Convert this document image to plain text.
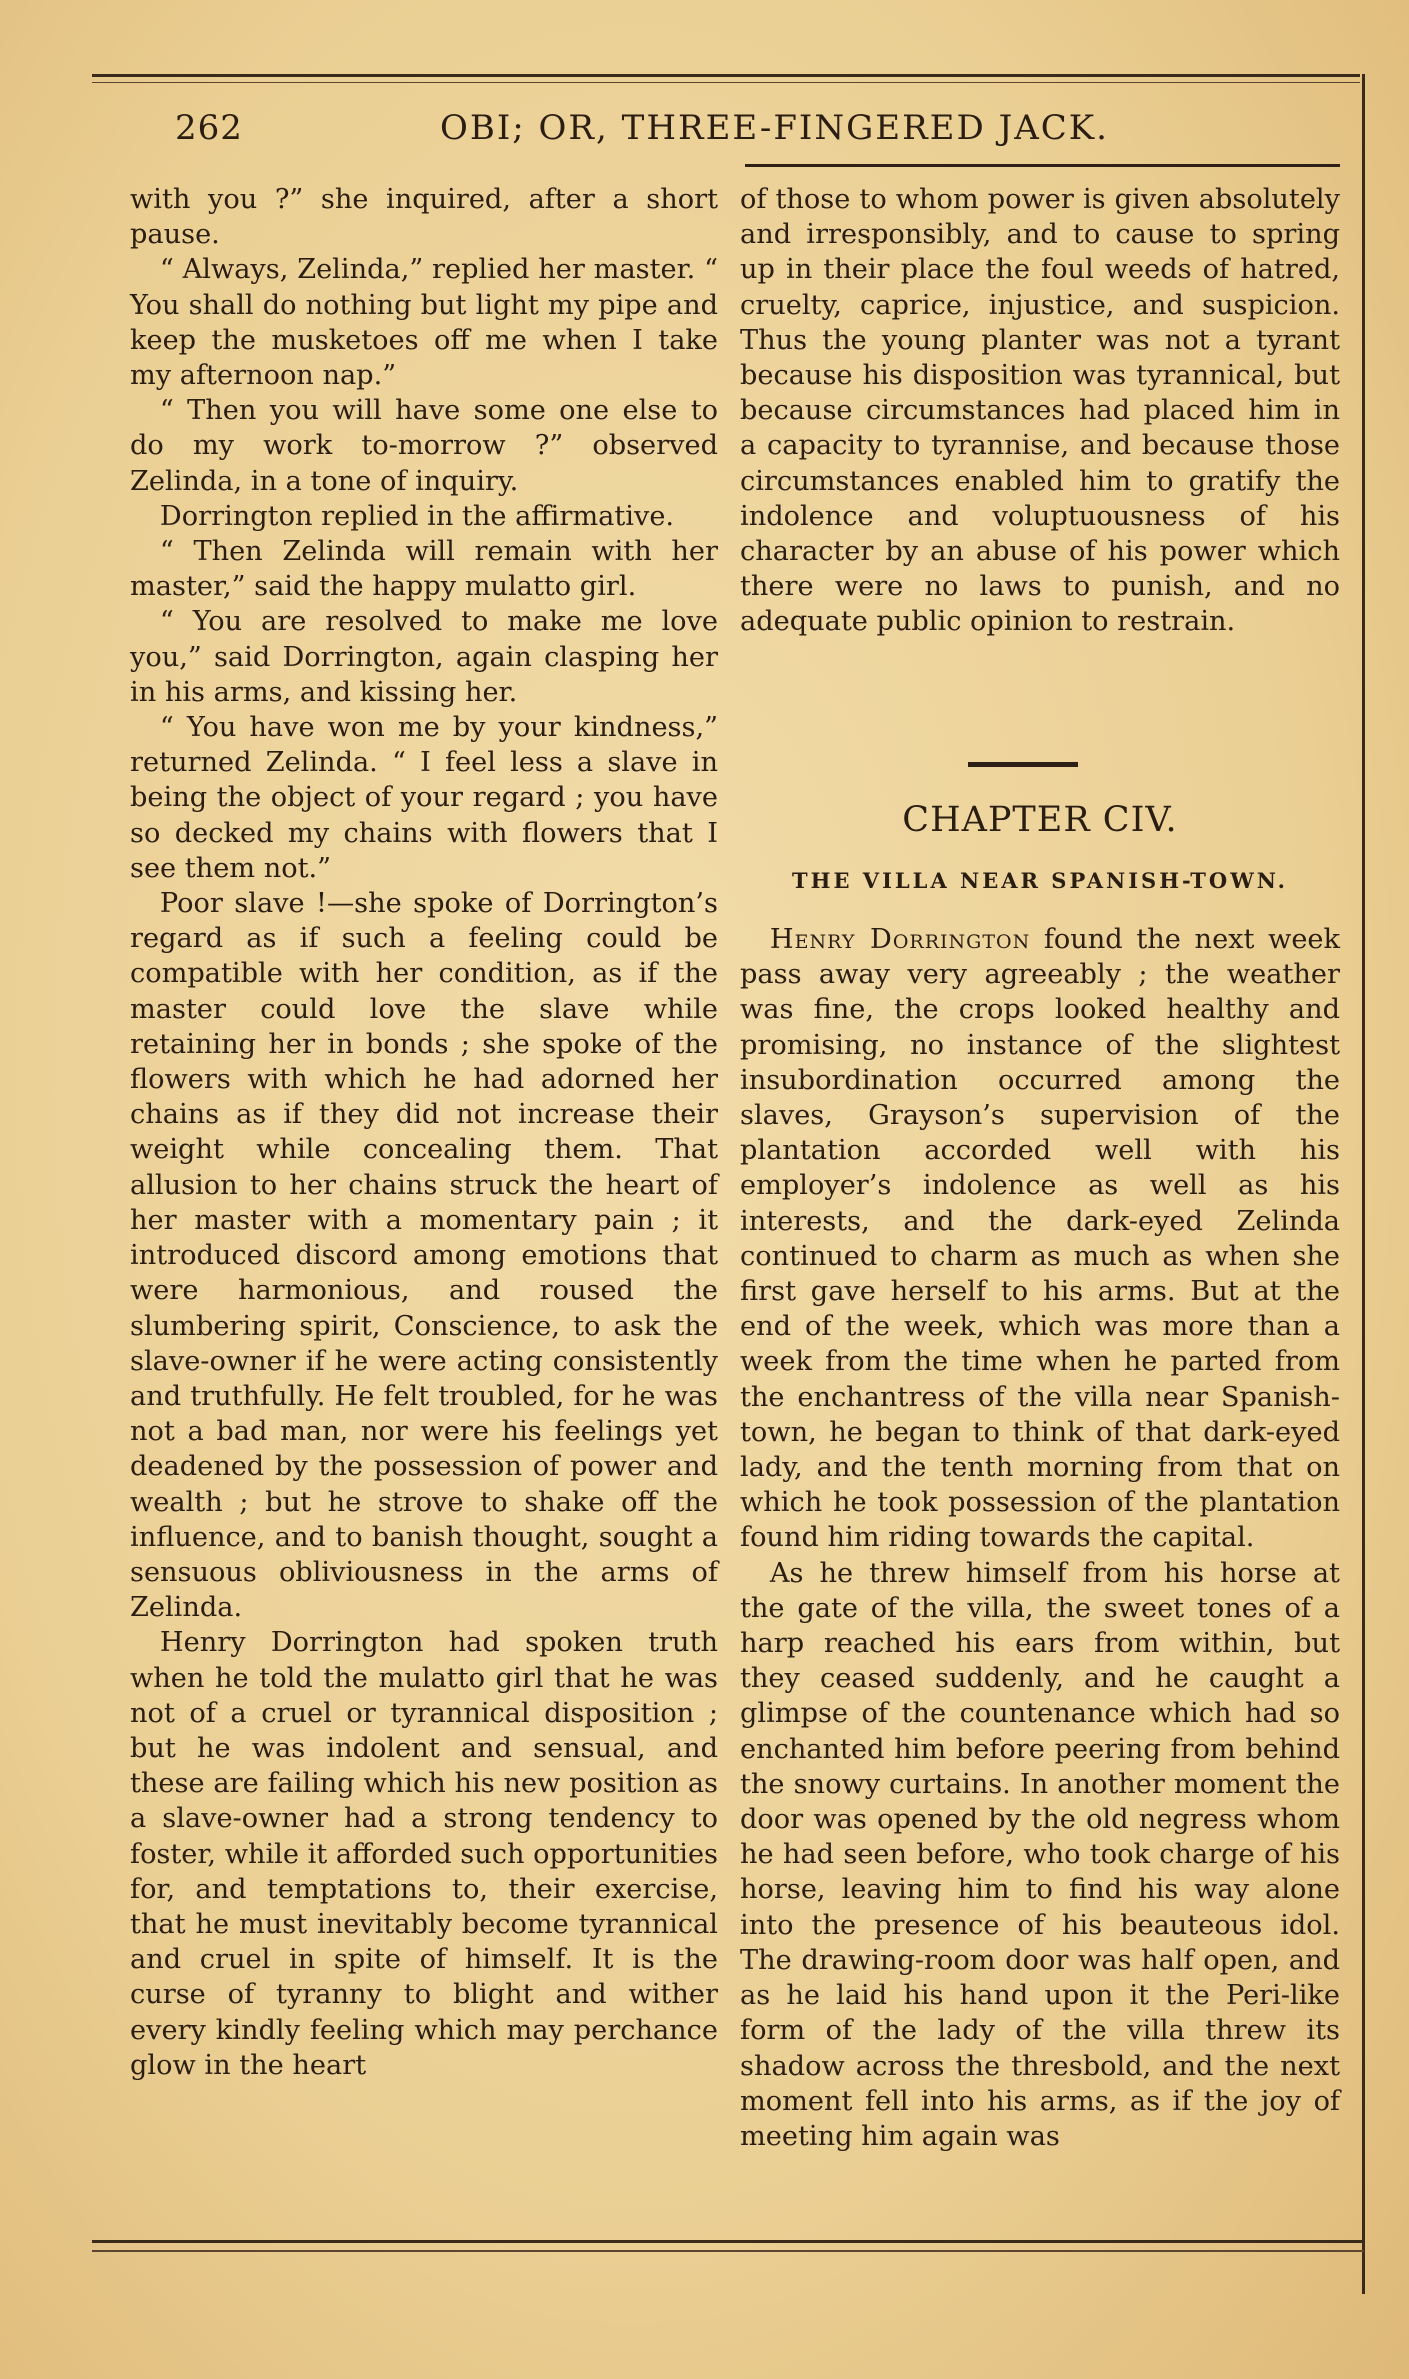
262	OBI; OR, THREE-FINGERED JACK.

with you ?” she inquired, after a short pause.

“ Always, Zelinda,” replied her master. “ You shall do nothing but light my pipe and keep the musketoes off me when I take my afternoon nap.”

“ Then you will have some one else to do my work to-morrow ?” observed Zelinda, in a tone of inquiry.

Dorrington replied in the affirmative.

“ Then Zelinda will remain with her master,” said the happy mulatto girl.

“ You are resolved to make me love you,” said Dorrington, again clasping her in his arms, and kissing her.

“ You have won me by your kindness,” returned Zelinda. “ I feel less a slave in being the object of your regard ; you have so decked my chains with flowers that I see them not.”

Poor slave !—she spoke of Dorrington’s regard as if such a feeling could be compatible with her condition, as if the master could love the slave while retaining her in bonds ; she spoke of the flowers with which he had adorned her chains as if they did not increase their weight while concealing them. That allusion to her chains struck the heart of her master with a momentary pain ; it introduced discord among emotions that were harmonious, and roused the slumbering spirit, Conscience, to ask the slave-owner if he were acting consistently and truthfully. He felt troubled, for he was not a bad man, nor were his feelings yet deadened by the possession of power and wealth ; but he strove to shake off the influence, and to banish thought, sought a sensuous obliviousness in the arms of Zelinda.

Henry Dorrington had spoken truth when he told the mulatto girl that he was not of a cruel or tyrannical disposition ; but he was indolent and sensual, and these are failing which his new position as a slave-owner had a strong tendency to foster, while it afforded such opportunities for, and temptations to, their exercise, that he must inevitably become tyrannical and cruel in spite of himself. It is the curse of tyranny to blight and wither every kindly feeling which may perchance glow in the heart

of those to whom power is given absolutely and irresponsibly, and to cause to spring up in their place the foul weeds of hatred, cruelty, caprice, injustice, and suspicion. Thus the young planter was not a tyrant because his disposition was tyrannical, but because circumstances had placed him in a capacity to tyrannise, and because those circumstances enabled him to gratify the indolence and voluptuousness of his character by an abuse of his power which there were no laws to punish, and no adequate public opinion to restrain.

CHAPTER CIV.
THE VILLA NEAR SPANISH-TOWN.

Henry Dorrington found the next week pass away very agreeably ; the weather was fine, the crops looked healthy and promising, no instance of the slightest insubordination occurred among the slaves, Grayson’s supervision of the plantation accorded well with his employer’s indolence as well as his interests, and the dark-eyed Zelinda continued to charm as much as when she first gave herself to his arms. But at the end of the week, which was more than a week from the time when he parted from the enchantress of the villa near Spanish-town, he began to think of that dark-eyed lady, and the tenth morning from that on which he took possession of the plantation found him riding towards the capital.

As he threw himself from his horse at the gate of the villa, the sweet tones of a harp reached his ears from within, but they ceased suddenly, and he caught a glimpse of the countenance which had so enchanted him before peering from behind the snowy curtains. In another moment the door was opened by the old negress whom he had seen before, who took charge of his horse, leaving him to find his way alone into the presence of his beauteous idol. The drawing-room door was half open, and as he laid his hand upon it the Peri-like form of the lady of the villa threw its shadow across the thresbold, and the next moment fell into his arms, as if the joy of meeting him again was
